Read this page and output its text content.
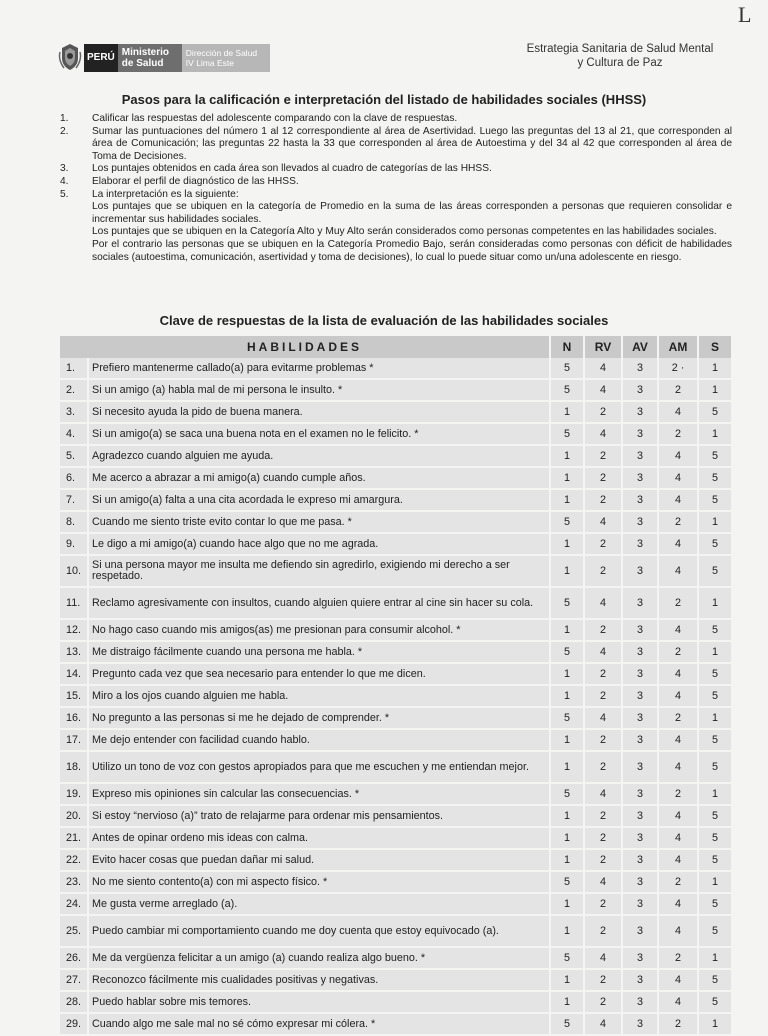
L
PERÚ Ministerio de Salud
Dirección de Salud IV Lima Este
Estrategia Sanitaria de Salud Mental
y Cultura de Paz
Pasos para la calificación e interpretación del listado de habilidades sociales (HHSS)
1.	Calificar las respuestas del adolescente comparando con la clave de respuestas.
2.	Sumar las puntuaciones del número 1 al 12 correspondiente al área de Asertividad. Luego las preguntas del 13 al 21, que corresponden al área de Comunicación; las preguntas 22 hasta la 33 que corresponden al área de Autoestima y del 34 al 42 que corresponden al área de Toma de Decisiones.
3.	Los puntajes obtenidos en cada área son llevados al cuadro de categorías de las HHSS.
4.	Elaborar el perfil de diagnóstico de las HHSS.
5.	La interpretación es la siguiente:

Los puntajes que se ubiquen en la categoría de Promedio en la suma de las áreas corresponden a personas que requieren consolidar e incrementar sus habilidades sociales.

Los puntajes que se ubiquen en la Categoría Alto y Muy Alto serán considerados como personas competentes en las habilidades sociales.

Por el contrario las personas que se ubiquen en la Categoría Promedio Bajo, serán consideradas como personas con déficit de habilidades sociales (autoestima, comunicación, asertividad y toma de decisiones), lo cual lo puede situar como un/una adolescente en riesgo.

Clave de respuestas de la lista de evaluación de las habilidades sociales
HABILIDADES		N	RV	AV	AM	S
1.	Prefiero mantenerme callado(a) para evitarme problemas *	5	4	3	2 ·	1
2.	Si un amigo (a) habla mal de mi persona le insulto. *	5	4	3	2	1
3.	Si necesito ayuda la pido de buena manera.	1	2	3	4	5
4.	Si un amigo(a) se saca una buena nota en el examen no le felicito. *	5	4	3	2	1
5.	Agradezco cuando alguien me ayuda.	1	2	3	4	5
6.	Me acerco a abrazar a mi amigo(a) cuando cumple años.	1	2	3	4	5
7.	Si un amigo(a) falta a una cita acordada le expreso mi amargura.	1	2	3	4	5
8.	Cuando me siento triste evito contar lo que me pasa. *	5	4	3	2	1
9.	Le digo a mi amigo(a) cuando hace algo que no me agrada.	1	2	3	4	5
10.	Si una persona mayor me insulta me defiendo sin agredirlo, exigiendo mi derecho a ser respetado.	1	2	3	4	5
11.	Reclamo agresivamente con insultos, cuando alguien quiere entrar al cine sin hacer su cola.	5	4	3	2	1
12.	No hago caso cuando mis amigos(as) me presionan para consumir alcohol. *	1	2	3	4	5
13.	Me distraigo fácilmente cuando una persona me habla. *	5	4	3	2	1
14.	Pregunto cada vez que sea necesario para entender lo que me dicen.	1	2	3	4	5
15.	Miro a los ojos cuando alguien me habla.	1	2	3	4	5
16.	No pregunto a las personas si me he dejado de comprender. *	5	4	3	2	1
17.	Me dejo entender con facilidad cuando hablo.	1	2	3	4	5
18.	Utilizo un tono de voz con gestos apropiados para que me escuchen y me entiendan mejor.	1	2	3	4	5
19.	Expreso mis opiniones sin calcular las consecuencias. *	5	4	3	2	1
20.	Si estoy “nervioso (a)” trato de relajarme para ordenar mis pensamientos.	1	2	3	4	5
21.	Antes de opinar ordeno mis ideas con calma.	1	2	3	4	5
22.	Evito hacer cosas que puedan dañar mi salud.	1	2	3	4	5
23.	No me siento contento(a) con mi aspecto físico. *	5	4	3	2	1
24.	Me gusta verme arreglado (a).	1	2	3	4	5
25.	Puedo cambiar mi comportamiento cuando me doy cuenta que estoy equivocado (a).	1	2	3	4	5
26.	Me da vergüenza felicitar a un amigo (a) cuando realiza algo bueno. *	5	4	3	2	1
27.	Reconozco fácilmente mis cualidades positivas y negativas.	1	2	3	4	5
28.	Puedo hablar sobre mis temores.	1	2	3	4	5
29.	Cuando algo me sale mal no sé cómo expresar mi cólera. *	5	4	3	2	1
